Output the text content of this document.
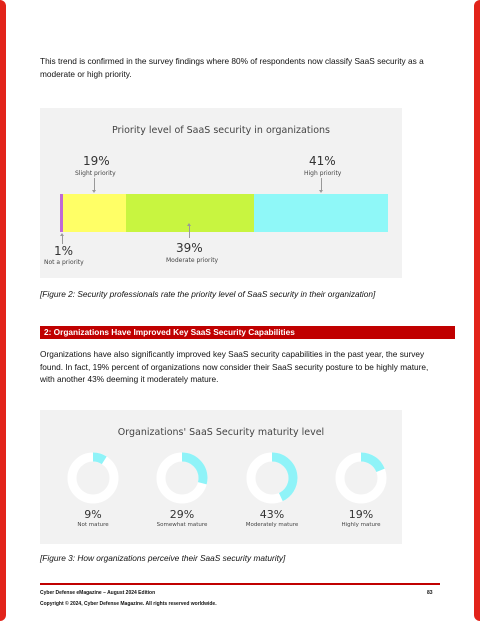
This trend is confirmed in the survey findings where 80% of respondents now classify SaaS security as a moderate or high priority.

Priority level of SaaS security in organizations
19%
Slight priority
41%
High priority
1%
Not a priority
39%
Moderate priority

[Figure 2: Security professionals rate the priority level of SaaS security in their organization]

2: Organizations Have Improved Key SaaS Security Capabilities

Organizations have also significantly improved key SaaS security capabilities in the past year, the survey found. In fact, 19% percent of organizations now consider their SaaS security posture to be highly mature, with another 43% deeming it moderately mature.

Organizations' SaaS Security maturity level
9%
Not mature
29%
Somewhat mature
43%
Moderately mature
19%
Highly mature

[Figure 3: How organizations perceive their SaaS security maturity]

Cyber Defense eMagazine – August 2024 Edition	83
Copyright © 2024, Cyber Defense Magazine. All rights reserved worldwide.
